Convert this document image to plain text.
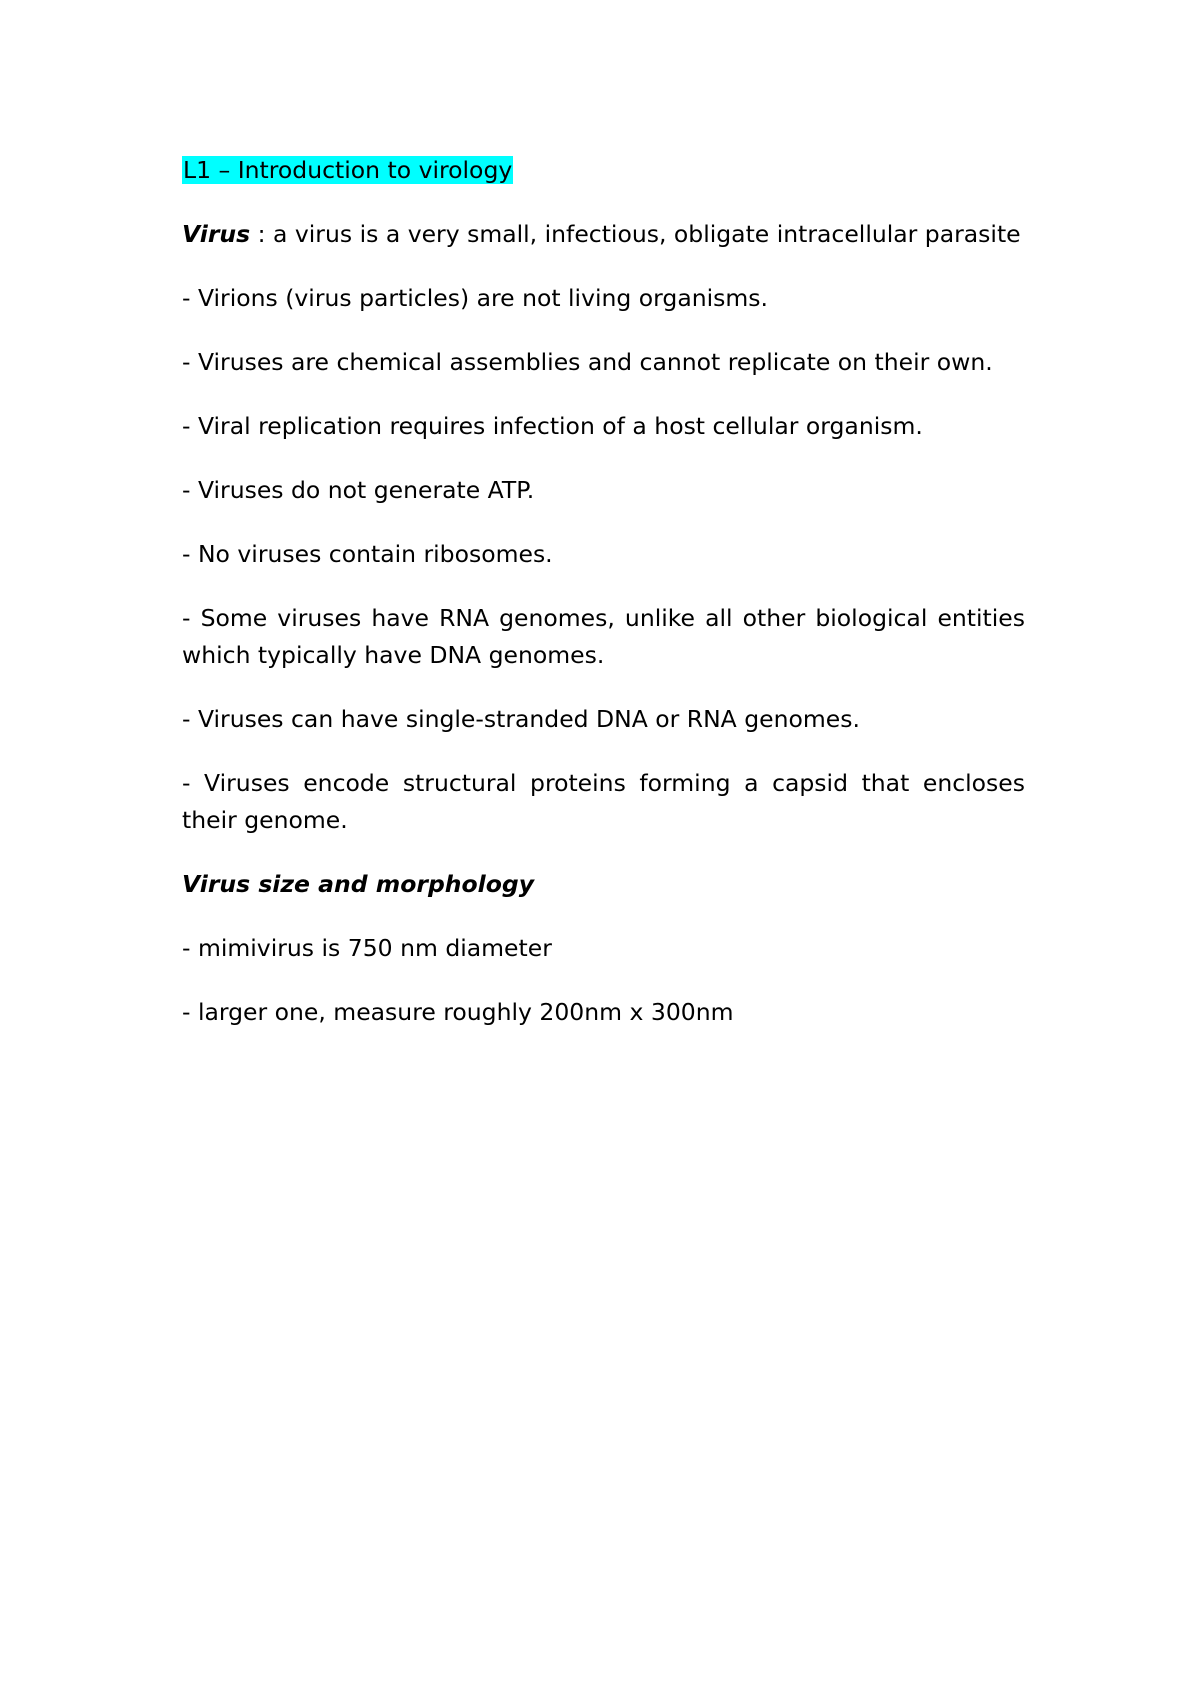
L1 – Introduction to virology

Virus : a virus is a very small, infectious, obligate intracellular parasite

- Virions (virus particles) are not living organisms.

- Viruses are chemical assemblies and cannot replicate on their own.

- Viral replication requires infection of a host cellular organism.

- Viruses do not generate ATP.

- No viruses contain ribosomes.

- Some viruses have RNA genomes, unlike all other biological entities which typically have DNA genomes.

- Viruses can have single-stranded DNA or RNA genomes.

- Viruses encode structural proteins forming a capsid that encloses their genome.

Virus size and morphology

- mimivirus is 750 nm diameter

- larger one, measure roughly 200nm x 300nm
